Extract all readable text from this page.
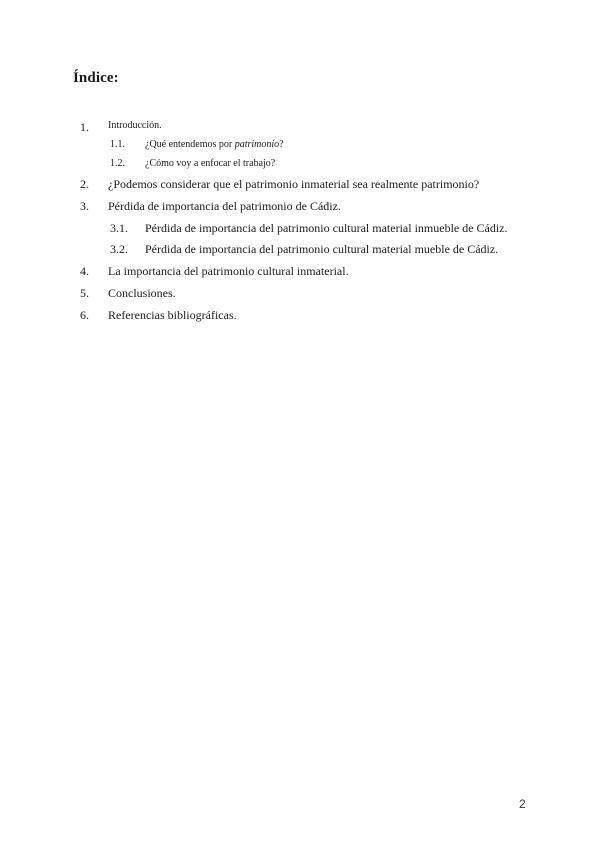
Índice:
1.	Introducción.
1.1. ¿Qué entendemos por patrimonio?
1.2. ¿Cómo voy a enfocar el trabajo?
2. ¿Podemos considerar que el patrimonio inmaterial sea realmente patrimonio?
3. Pérdida de importancia del patrimonio de Cádiz.
3.1. Pérdida de importancia del patrimonio cultural material inmueble de Cádiz.
3.2. Pérdida de importancia del patrimonio cultural material mueble de Cádiz.
4. La importancia del patrimonio cultural inmaterial.
5. Conclusiones.
6. Referencias bibliográficas.
2
